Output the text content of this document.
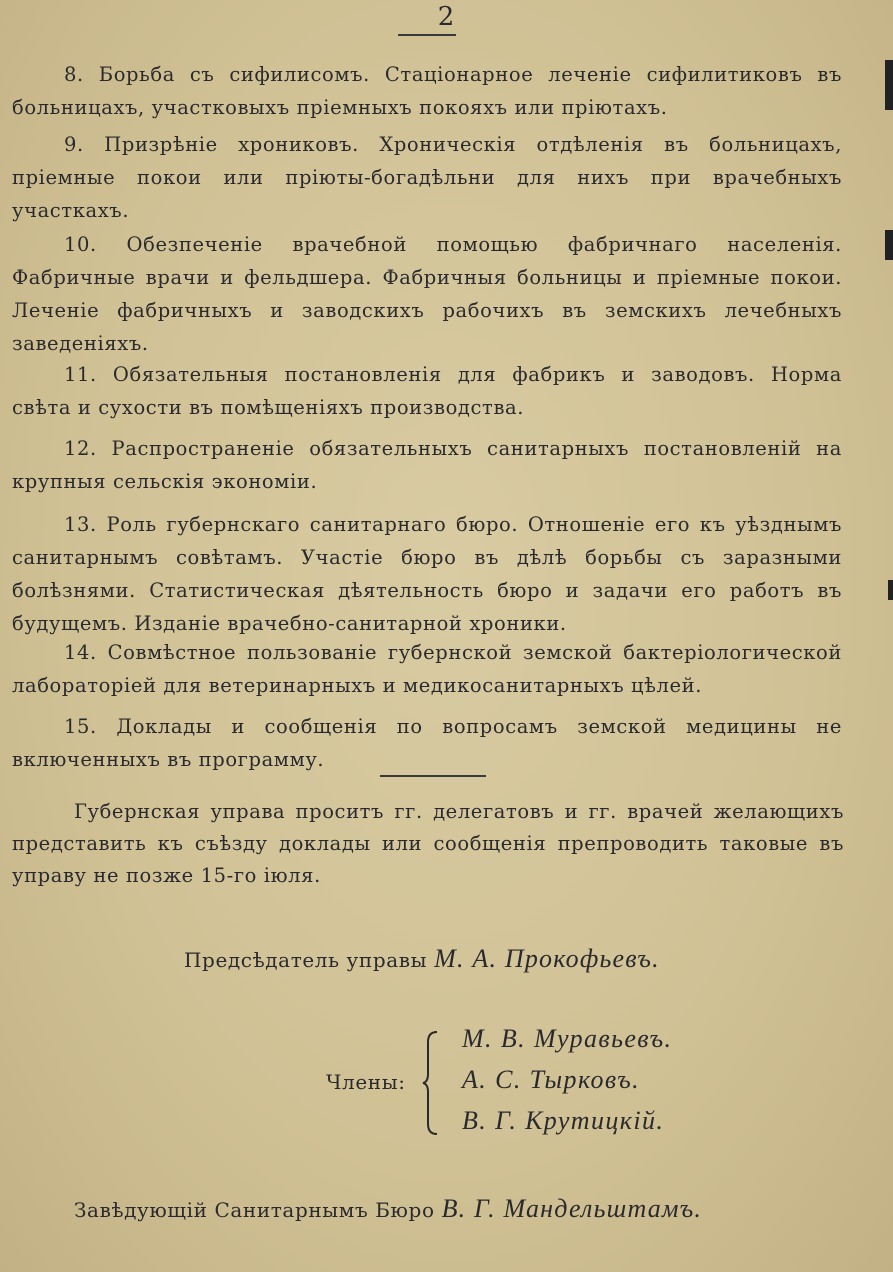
2
8. Борьба съ сифилисомъ. Стаціонарное леченіе сифилитиковъ въ больницахъ, участковыхъ пріемныхъ покояхъ или пріютахъ.
9. Призрѣніе хрониковъ. Хроническія отдѣленія въ больницахъ, пріемные покои или пріюты-богадѣльни для нихъ при врачебныхъ участкахъ.
10. Обезпеченіе врачебной помощью фабричнаго населенія. Фабричные врачи и фельдшера. Фабричныя больницы и пріемные покои. Леченіе фабричныхъ и заводскихъ рабочихъ въ земскихъ лечебныхъ заведеніяхъ.
11. Обязательныя постановленія для фабрикъ и заводовъ. Норма свѣта и сухости въ помѣщеніяхъ производства.
12. Распространеніе обязательныхъ санитарныхъ постановленій на крупныя сельскія экономіи.
13. Роль губернскаго санитарнаго бюро. Отношеніе его къ уѣзднымъ санитарнымъ совѣтамъ. Участіе бюро въ дѣлѣ борьбы съ заразными болѣзнями. Статистическая дѣятельность бюро и задачи его работъ въ будущемъ. Изданіе врачебно-санитарной хроники.
14. Совмѣстное пользованіе губернской земской бактеріологической лабораторіей для ветеринарныхъ и медикосанитарныхъ цѣлей.
15. Доклады и сообщенія по вопросамъ земской медицины не включенныхъ въ программу.
Губернская управа проситъ гг. делегатовъ и гг. врачей желающихъ представить къ съѣзду доклады или сообщенія препроводить таковые въ управу не позже 15-го іюля.
Предсѣдатель управы М. А. Прокофьевъ.
Члены:
М. В. Муравьевъ.
А. С. Тырковъ.
В. Г. Крутицкій.
Завѣдующій Санитарнымъ Бюро В. Г. Мандельштамъ.
